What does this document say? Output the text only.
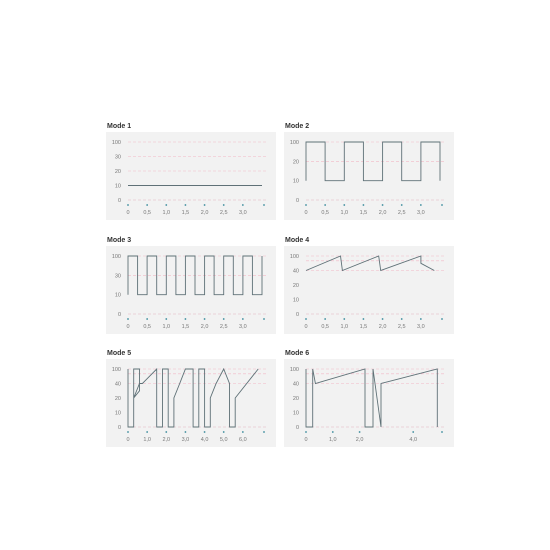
Mode 1
0
10
20
30
100
0	0,5 1,0 1,5 2,0 2,5 3,0
Mode 2
0
10
20
100
0	0,5 1,0 1,5 2,0 2,5 3,0
Mode 3
0
10
30
100
0	0,5 1,0 1,5 2,0 2,5 3,0
Mode 4
0
10
20
40
100
0	0,5 1,0 1,5 2,0 2,5 3,0
Mode 5
0
10
20
40
100
0	1,0 2,0 3,0 4,0 5,0 6,0
Mode 6
0
10
20
40
100
0	1,0	2,0	4,0
